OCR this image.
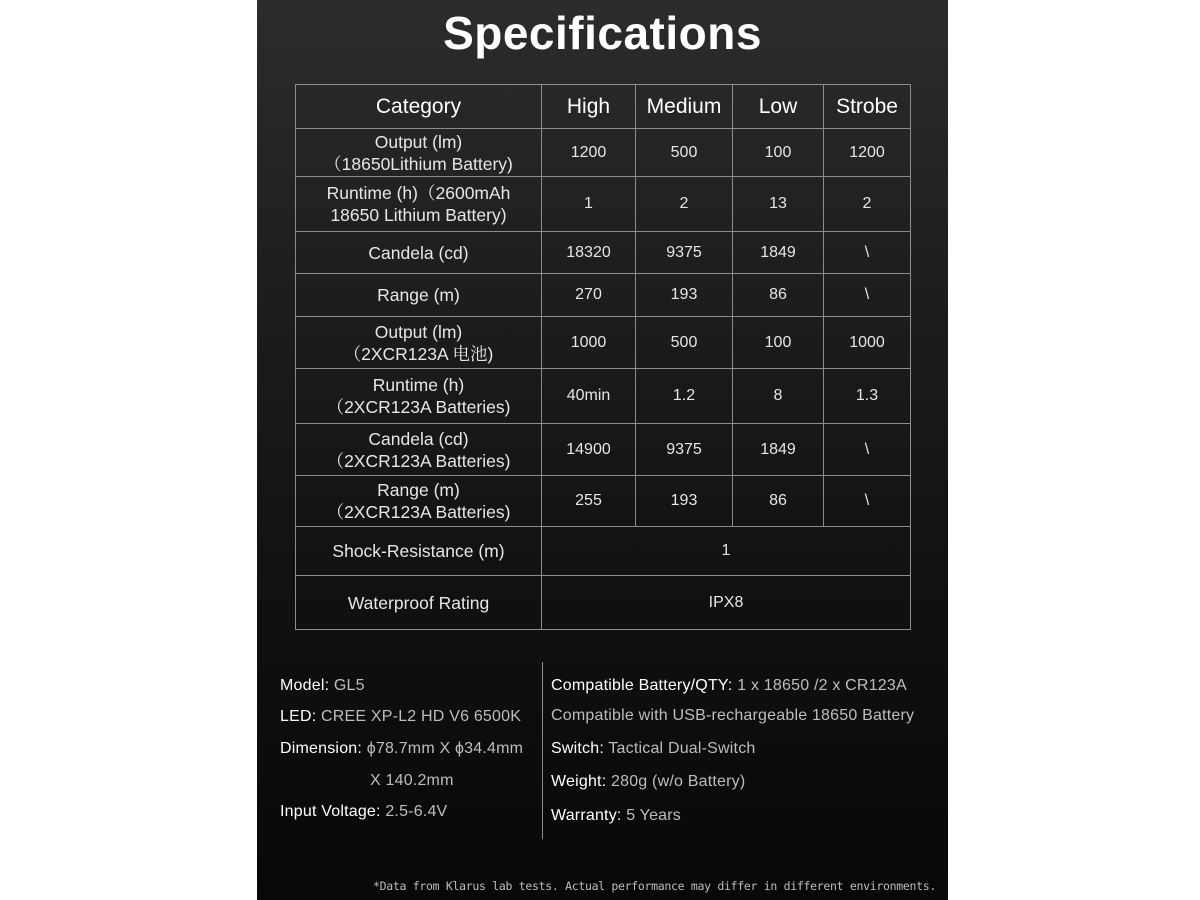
Specifications
Category	High	Medium	Low	Strobe
Output (lm)
（18650Lithium Battery)	1200	500	100	1200
Runtime (h)（2600mAh
18650 Lithium Battery)	1	2	13	2
Candela (cd)	18320	9375	1849	\
Range (m)	270	193	86	\
Output (lm)
（2XCR123A 电池)	1000	500	100	1000
Runtime (h)
（2XCR123A Batteries)	40min	1.2	8	1.3
Candela (cd)
（2XCR123A Batteries)	14900	9375	1849	\
Range (m)
（2XCR123A Batteries)	255	193	86	\
Shock-Resistance (m)	1			
Waterproof Rating	IPX8			
Model: GL5
LED: CREE XP-L2 HD V6 6500K
Dimension: ϕ78.7mm X ϕ34.4mm
X 140.2mm
Input Voltage: 2.5-6.4V
Compatible Battery/QTY: 1 x 18650 /2 x CR123A
Compatible with USB-rechargeable 18650 Battery
Switch: Tactical Dual-Switch
Weight: 280g (w/o Battery)
Warranty: 5 Years
*Data from Klarus lab tests. Actual performance may differ in different environments.
